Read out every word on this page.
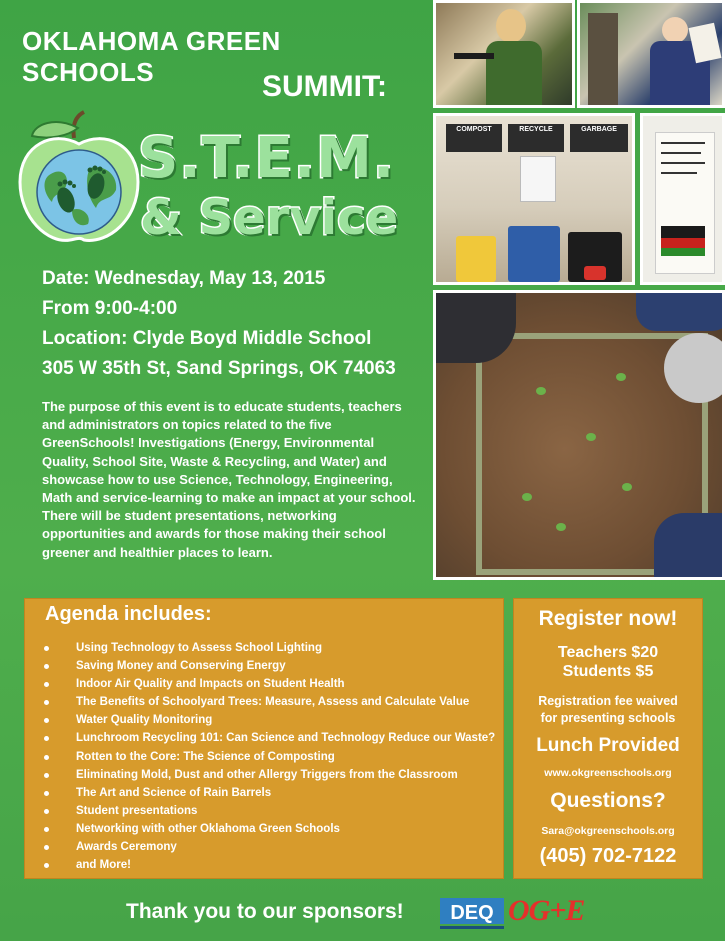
OKLAHOMA GREEN SCHOOLS	SUMMIT:
S.T.E.M.
& Service
Date: Wednesday, May 13, 2015
From 9:00-4:00
Location: Clyde Boyd Middle School
305 W 35th St, Sand Springs, OK 74063
The purpose of this event is to educate students, teachers and administrators on topics related to the five GreenSchools! Investigations (Energy, Environmental Quality, School Site, Waste & Recycling, and Water) and showcase how to use Science, Technology, Engineering, Math and service-learning to make an impact at your school. There will be student presentations, networking opportunities and awards for those making their school greener and healthier places to learn.
COMPOST	RECYCLE	GARBAGE
Agenda includes:
Using Technology to Assess School Lighting
Saving Money and Conserving Energy
Indoor Air Quality and Impacts on Student Health
The Benefits of Schoolyard Trees: Measure, Assess and Calculate Value
Water Quality Monitoring
Lunchroom Recycling 101: Can Science and Technology Reduce our Waste?
Rotten to the Core: The Science of Composting
Eliminating Mold, Dust and other Allergy Triggers from the Classroom
The Art and Science of Rain Barrels
Student presentations
Networking with other Oklahoma Green Schools
Awards Ceremony
and More!
Register now!
Teachers $20
Students $5
Registration fee waived
for presenting schools
Lunch Provided
www.okgreenschools.org
Questions?
Sara@okgreenschools.org
(405) 702-7122
Thank you to our sponsors! DEQ OG+E
